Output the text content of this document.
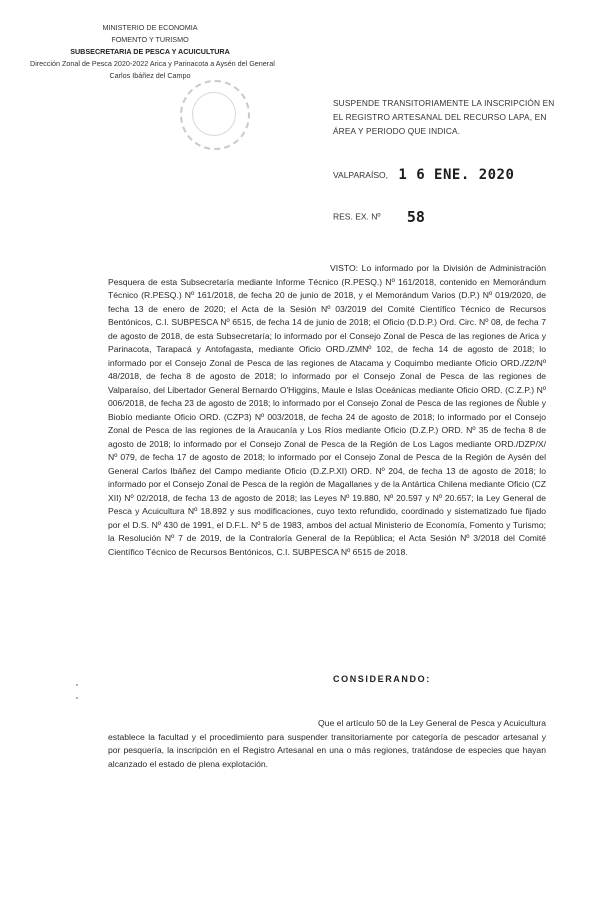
MINISTERIO DE ECONOMIA
FOMENTO Y TURISMO
SUBSECRETARIA DE PESCA Y ACUICULTURA
Dirección Zonal de Pesca 2020-2022 Arica y Parinacota a Aysén del General
Carlos Ibáñez del Campo
SUSPENDE TRANSITORIAMENTE LA INSCRIPCIÓN EN EL REGISTRO ARTESANAL DEL RECURSO LAPA, EN ÁREA Y PERIODO QUE INDICA.
VALPARAÍSO, 1 6 ENE. 2020
RES. EX. Nº 58

VISTO: Lo informado por la División de Administración Pesquera de esta Subsecretaría mediante Informe Técnico (R.PESQ.) Nº 161/2018, contenido en Memorándum Técnico (R.PESQ.) Nº 161/2018, de fecha 20 de junio de 2018, y el Memorándum Varios (D.P.) Nº 019/2020, de fecha 13 de enero de 2020; el Acta de la Sesión Nº 03/2019 del Comité Científico Técnico de Recursos Bentónicos, C.I. SUBPESCA Nº 6515, de fecha 14 de junio de 2018; el Oficio (D.D.P.) Ord. Circ. Nº 08, de fecha 7 de agosto de 2018, de esta Subsecretaría; lo informado por el Consejo Zonal de Pesca de las regiones de Arica y Parinacota, Tarapacá y Antofagasta, mediante Oficio ORD./ZMNº 102, de fecha 14 de agosto de 2018; lo informado por el Consejo Zonal de Pesca de las regiones de Atacama y Coquimbo mediante Oficio ORD./Z2/Nº 48/2018, de fecha 8 de agosto de 2018; lo informado por el Consejo Zonal de Pesca de las regiones de Valparaíso, del Libertador General Bernardo O'Higgins, Maule e Islas Oceánicas mediante Oficio ORD. (C.Z.P.) Nº 006/2018, de fecha 23 de agosto de 2018; lo informado por el Consejo Zonal de Pesca de las regiones de Ñuble y Biobío mediante Oficio ORD. (CZP3) Nº 003/2018, de fecha 24 de agosto de 2018; lo informado por el Consejo Zonal de Pesca de las regiones de la Araucanía y Los Ríos mediante Oficio (D.Z.P.) ORD. Nº 35 de fecha 8 de agosto de 2018; lo informado por el Consejo Zonal de Pesca de la Región de Los Lagos mediante ORD./DZP/X/ Nº 079, de fecha 17 de agosto de 2018; lo informado por el Consejo Zonal de Pesca de la Región de Aysén del General Carlos Ibáñez del Campo mediante Oficio (D.Z.P.XI) ORD. Nº 204, de fecha 13 de agosto de 2018; lo informado por el Consejo Zonal de Pesca de la región de Magallanes y de la Antártica Chilena mediante Oficio (CZ XII) Nº 02/2018, de fecha 13 de agosto de 2018; las Leyes Nº 19.880, Nº 20.597 y Nº 20.657; la Ley General de Pesca y Acuicultura Nº 18.892 y sus modificaciones, cuyo texto refundido, coordinado y sistematizado fue fijado por el D.S. Nº 430 de 1991, el D.F.L. Nº 5 de 1983, ambos del actual Ministerio de Economía, Fomento y Turismo; la Resolución Nº 7 de 2019, de la Contraloría General de la República; el Acta Sesión Nº 3/2018 del Comité Científico Técnico de Recursos Bentónicos, C.I. SUBPESCA Nº 6515 de 2018.

CONSIDERANDO:

Que el artículo 50 de la Ley General de Pesca y Acuicultura establece la facultad y el procedimiento para suspender transitoriamente por categoría de pescador artesanal y por pesquería, la inscripción en el Registro Artesanal en una o más regiones, tratándose de especies que hayan alcanzado el estado de plena explotación.
